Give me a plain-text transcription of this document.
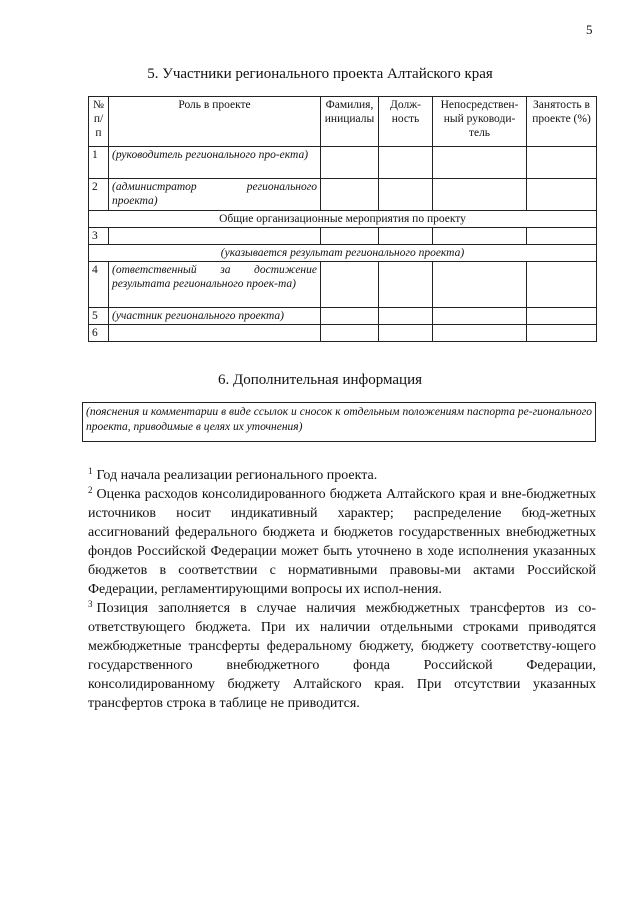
5
5. Участники регионального проекта Алтайского края
№ п/п	Роль в проекте	Фамилия, инициалы	Долж-ность	Непосредствен-ный руководи-тель	Занятость в проекте (%)
1	(руководитель регионального про-екта)				
2	(администратор регионального проекта)				
Общие организационные мероприятия по проекту					
3					
(указывается результат регионального проекта)					
4	(ответственный за достижение результата регионального проек-та)				
5	(участник регионального проекта)				
6					
6. Дополнительная информация
(пояснения и комментарии в виде ссылок и сносок к отдельным положениям паспорта ре-гионального проекта, приводимые в целях их уточнения)

$^1$ Год начала реализации регионального проекта.

$^2$ Оценка расходов консолидированного бюджета Алтайского края и вне-бюджетных источников носит индикативный характер; распределение бюд-жетных ассигнований федерального бюджета и бюджетов государственных внебюджетных фондов Российской Федерации может быть уточнено в ходе исполнения указанных бюджетов в соответствии с нормативными правовы-ми актами Российской Федерации, регламентирующими вопросы их испол-нения.

$^3$ Позиция заполняется в случае наличия межбюджетных трансфертов из со-ответствующего бюджета. При их наличии отдельными строками приводятся межбюджетные трансферты федеральному бюджету, бюджету соответству-ющего государственного внебюджетного фонда Российской Федерации, консолидированному бюджету Алтайского края. При отсутствии указанных трансфертов строка в таблице не приводится.
